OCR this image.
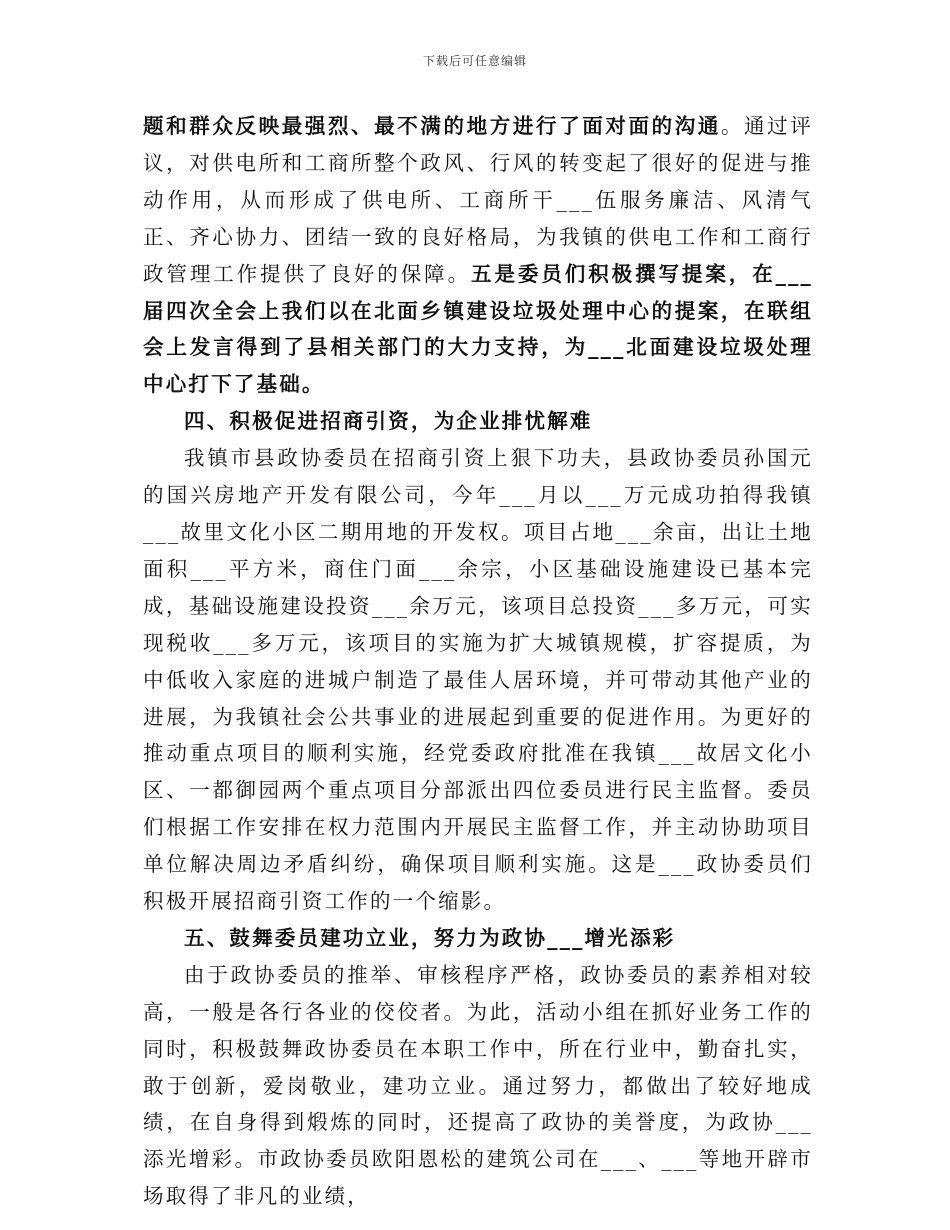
下载后可任意编辑

题和群众反映最强烈、最不满的地方进行了面对面的沟通。通过评议，对供电所和工商所整个政风、行风的转变起了很好的促进与推动作用，从而形成了供电所、工商所干___伍服务廉洁、风清气正、齐心协力、团结一致的良好格局，为我镇的供电工作和工商行政管理工作提供了良好的保障。五是委员们积极撰写提案，在___届四次全会上我们以在北面乡镇建设垃圾处理中心的提案，在联组会上发言得到了县相关部门的大力支持，为___北面建设垃圾处理中心打下了基础。

四、积极促进招商引资，为企业排忧解难

我镇市县政协委员在招商引资上狠下功夫，县政协委员孙国元的国兴房地产开发有限公司，今年___月以___万元成功拍得我镇___故里文化小区二期用地的开发权。项目占地___余亩，出让土地面积___平方米，商住门面___余宗，小区基础设施建设已基本完成，基础设施建设投资___余万元，该项目总投资___多万元，可实现税收___多万元，该项目的实施为扩大城镇规模，扩容提质，为中低收入家庭的进城户制造了最佳人居环境，并可带动其他产业的进展，为我镇社会公共事业的进展起到重要的促进作用。为更好的推动重点项目的顺利实施，经党委政府批准在我镇___故居文化小区、一都御园两个重点项目分部派出四位委员进行民主监督。委员们根据工作安排在权力范围内开展民主监督工作，并主动协助项目单位解决周边矛盾纠纷，确保项目顺利实施。这是___政协委员们积极开展招商引资工作的一个缩影。

五、鼓舞委员建功立业，努力为政协___增光添彩

由于政协委员的推举、审核程序严格，政协委员的素养相对较高，一般是各行各业的佼佼者。为此，活动小组在抓好业务工作的同时，积极鼓舞政协委员在本职工作中，所在行业中，勤奋扎实，敢于创新，爱岗敬业，建功立业。通过努力，都做出了较好地成绩，在自身得到煅炼的同时，还提高了政协的美誉度，为政协___添光增彩。市政协委员欧阳恩松的建筑公司在___、___等地开辟市场取得了非凡的业绩，
